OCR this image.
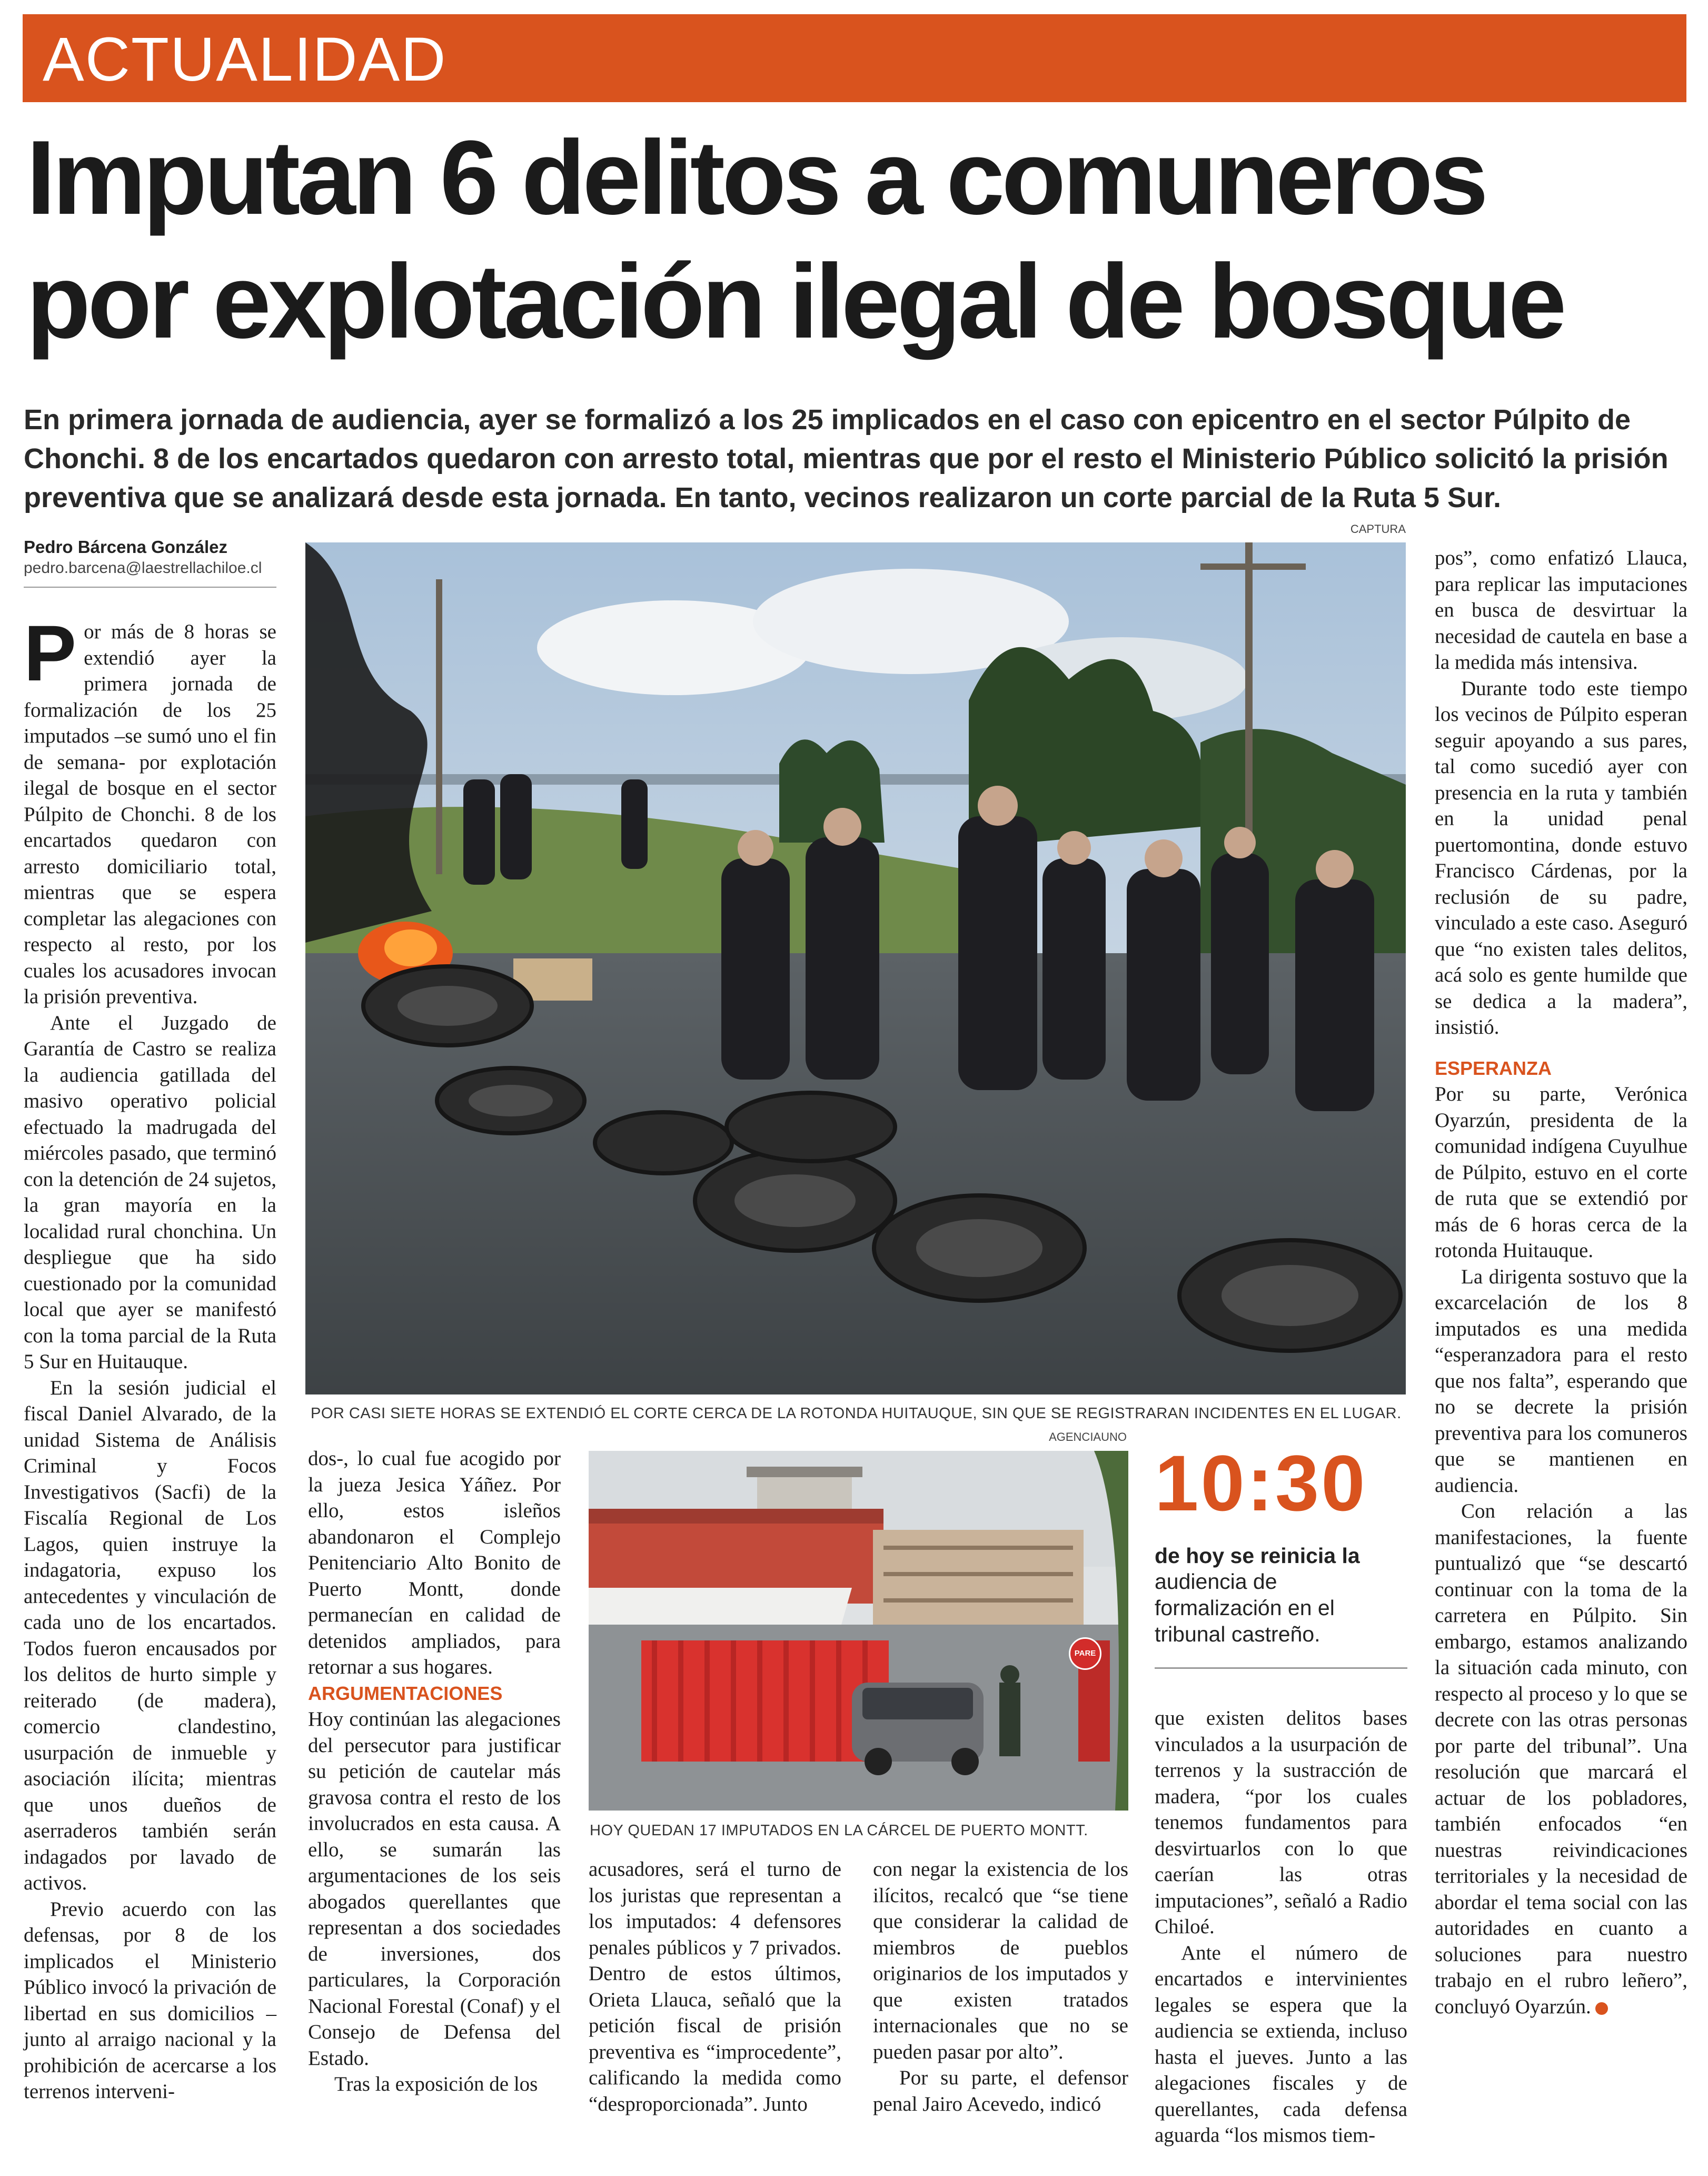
ACTUALIDAD
Imputan 6 delitos a comuneros
por explotación ilegal de bosque
En primera jornada de audiencia, ayer se formalizó a los 25 implicados en el caso con epicentro en el sector Púlpito de Chonchi. 8 de los encartados quedaron con arresto total, mientras que por el resto el Ministerio Público solicitó la prisión preventiva que se analizará desde esta jornada. En tanto, vecinos realizaron un corte parcial de la Ruta 5 Sur.
Pedro Bárcena González
pedro.barcena@laestrellachiloe.cl

Por más de 8 horas se extendió ayer la primera jornada de formalización de los 25 imputados –se sumó uno el fin de semana- por explotación ilegal de bosque en el sector Púlpito de Chonchi. 8 de los encartados quedaron con arresto domiciliario total, mientras que se espera completar las alegaciones con respecto al resto, por los cuales los acusadores invocan la prisión preventiva.

Ante el Juzgado de Garantía de Castro se realiza la audiencia gatillada del masivo operativo policial efectuado la madrugada del miércoles pasado, que terminó con la detención de 24 sujetos, la gran mayoría en la localidad rural chonchina. Un despliegue que ha sido cuestionado por la comunidad local que ayer se manifestó con la toma parcial de la Ruta 5 Sur en Huitauque.

En la sesión judicial el fiscal Daniel Alvarado, de la unidad Sistema de Análisis Criminal y Focos Investigativos (Sacfi) de la Fiscalía Regional de Los Lagos, quien instruye la indagatoria, expuso los antecedentes y vinculación de cada uno de los encartados. Todos fueron encausados por los delitos de hurto simple y reiterado (de madera), comercio clandestino, usurpación de inmueble y asociación ilícita; mientras que unos dueños de aserraderos también serán indagados por lavado de activos.

Previo acuerdo con las defensas, por 8 de los implicados el Ministerio Público invocó la privación de libertad en sus domicilios –junto al arraigo nacional y la prohibición de acercarse a los terrenos interveni-

CAPTURA
POR CASI SIETE HORAS SE EXTENDIÓ EL CORTE CERCA DE LA ROTONDA HUITAUQUE, SIN QUE SE REGISTRARAN INCIDENTES EN EL LUGAR.

dos-, lo cual fue acogido por la jueza Jesica Yáñez. Por ello, estos isleños abandonaron el Complejo Penitenciario Alto Bonito de Puerto Montt, donde permanecían en calidad de detenidos ampliados, para retornar a sus hogares.

ARGUMENTACIONES

Hoy continúan las alegaciones del persecutor para justificar su petición de cautelar más gravosa contra el resto de los involucrados en esta causa. A ello, se sumarán las argumentaciones de los seis abogados querellantes que representan a dos sociedades de inversiones, dos particulares, la Corporación Nacional Forestal (Conaf) y el Consejo de Defensa del Estado.

Tras la exposición de los

AGENCIAUNO
PARE
HOY QUEDAN 17 IMPUTADOS EN LA CÁRCEL DE PUERTO MONTT.

acusadores, será el turno de los juristas que representan a los imputados: 4 defensores penales públicos y 7 privados. Dentro de estos últimos, Orieta Llauca, señaló que la petición fiscal de prisión preventiva es “improcedente”, calificando la medida como “desproporcionada”. Junto

con negar la existencia de los ilícitos, recalcó que “se tiene que considerar la calidad de miembros de pueblos originarios de los imputados y que existen tratados internacionales que no se pueden pasar por alto”.

Por su parte, el defensor penal Jairo Acevedo, indicó

10:30
de hoy se reinicia la
audiencia de formalización en el tribunal castreño.

que existen delitos bases vinculados a la usurpación de terrenos y la sustracción de madera, “por los cuales tenemos fundamentos para desvirtuarlos con lo que caerían las otras imputaciones”, señaló a Radio Chiloé.

Ante el número de encartados e intervinientes legales se espera que la audiencia se extienda, incluso hasta el jueves. Junto a las alegaciones fiscales y de querellantes, cada defensa aguarda “los mismos tiem-

pos”, como enfatizó Llauca, para replicar las imputaciones en busca de desvirtuar la necesidad de cautela en base a la medida más intensiva.

Durante todo este tiempo los vecinos de Púlpito esperan seguir apoyando a sus pares, tal como sucedió ayer con presencia en la ruta y también en la unidad penal puertomontina, donde estuvo Francisco Cárdenas, por la reclusión de su padre, vinculado a este caso. Aseguró que “no existen tales delitos, acá solo es gente humilde que se dedica a la madera”, insistió.

ESPERANZA

Por su parte, Verónica Oyarzún, presidenta de la comunidad indígena Cuyulhue de Púlpito, estuvo en el corte de ruta que se extendió por más de 6 horas cerca de la rotonda Huitauque.

La dirigenta sostuvo que la excarcelación de los 8 imputados es una medida “esperanzadora para el resto que nos falta”, esperando que no se decrete la prisión preventiva para los comuneros que se mantienen en audiencia.

Con relación a las manifestaciones, la fuente puntualizó que “se descartó continuar con la toma de la carretera en Púlpito. Sin embargo, estamos analizando la situación cada minuto, con respecto al proceso y lo que se decrete con las otras personas por parte del tribunal”. Una resolución que marcará el actuar de los pobladores, también enfocados “en nuestras reivindicaciones territoriales y la necesidad de abordar el tema social con las autoridades en cuanto a soluciones para nuestro trabajo en el rubro leñero”, concluyó Oyarzún.
